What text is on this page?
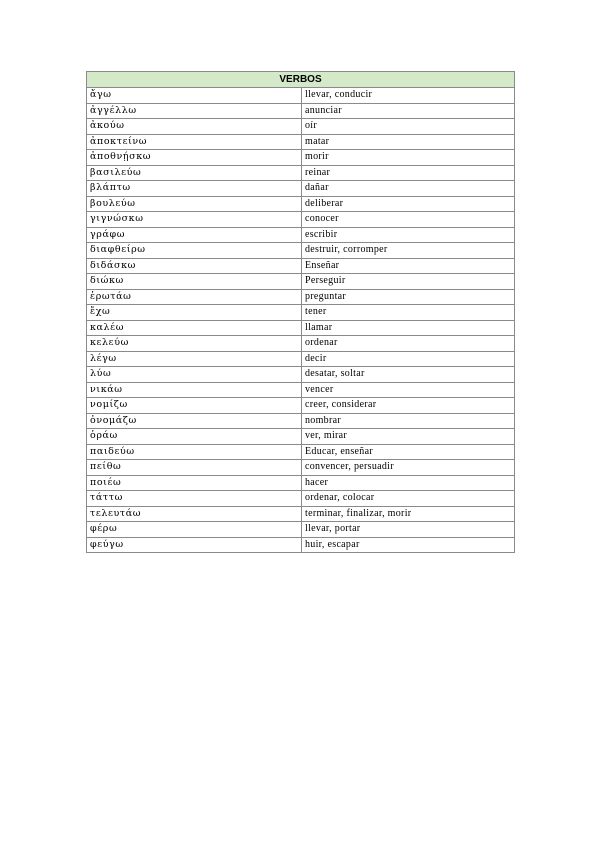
VERBOS	
ἄγω	llevar, conducir
ἀγγέλλω	anunciar
ἀκούω	oír
ἀποκτείνω	matar
ἀποθνῄσκω	morir
βασιλεύω	reinar
βλάπτω	dañar
βουλεύω	deliberar
γιγνώσκω	conocer
γράφω	escribir
διαφθείρω	destruir, corromper
διδάσκω	Enseñar
διώκω	Perseguir
ἐρωτάω	preguntar
ἔχω	tener
καλέω	llamar
κελεύω	ordenar
λέγω	decir
λύω	desatar, soltar
νικάω	vencer
νομίζω	creer, considerar
ὀνομάζω	nombrar
ὁράω	ver, mirar
παιδεύω	Educar, enseñar
πείθω	convencer, persuadir
ποιέω	hacer
τάττω	ordenar, colocar
τελευτάω	terminar, finalizar, morir
φέρω	llevar, portar
φεύγω	huir, escapar
